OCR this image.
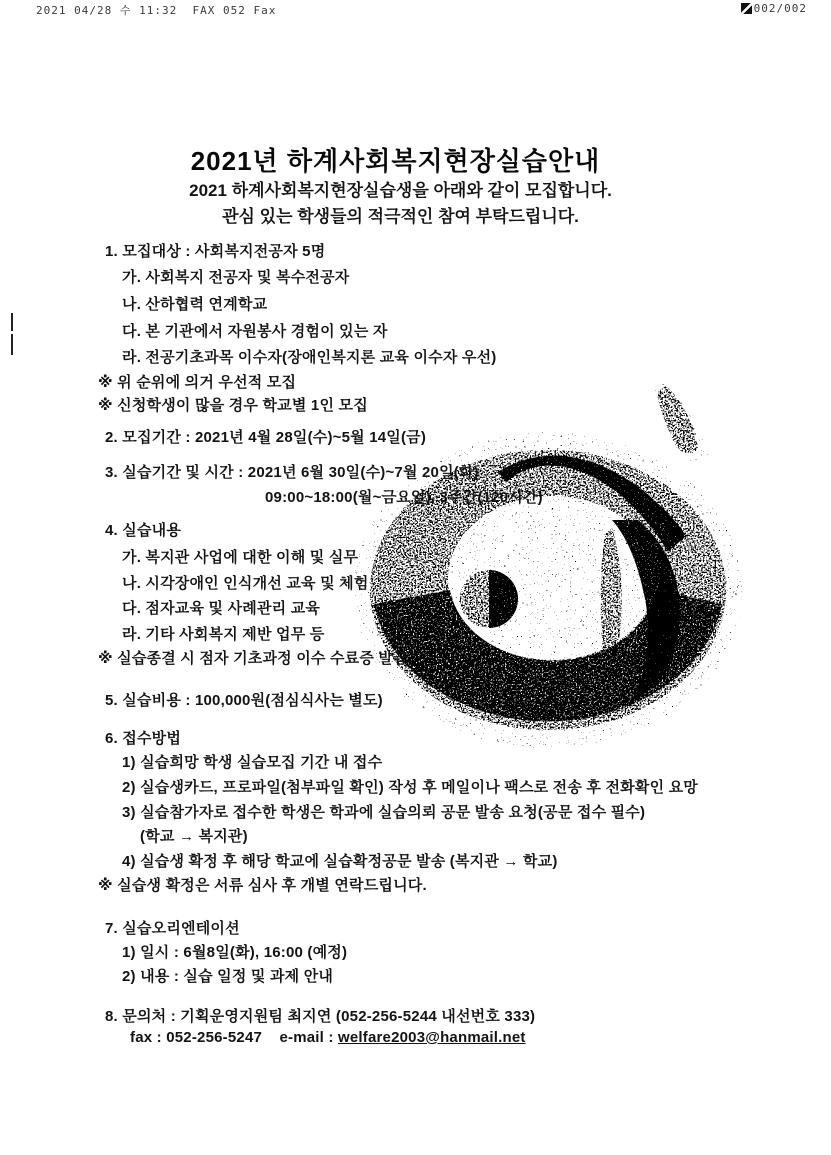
2021 04/28 수 11:32 FAX 052 Fax	002/002
2021년 하계사회복지현장실습안내
2021 하계사회복지현장실습생을 아래와 같이 모집합니다.
관심 있는 학생들의 적극적인 참여 부탁드립니다.
1. 모집대상 : 사회복지전공자 5명
가. 사회복지 전공자 및 복수전공자
나. 산하협력 연계학교
다. 본 기관에서 자원봉사 경험이 있는 자
라. 전공기초과목 이수자(장애인복지론 교육 이수자 우선)
※ 위 순위에 의거 우선적 모집
※ 신청학생이 많을 경우 학교별 1인 모집
2. 모집기간 : 2021년 4월 28일(수)~5월 14일(금)
3. 실습기간 및 시간 : 2021년 6월 30일(수)~7월 20일(화)
09:00~18:00(월~금요일), 3주간(120시간)
4. 실습내용
가. 복지관 사업에 대한 이해 및 실무
나. 시각장애인 인식개선 교육 및 체험
다. 점자교육 및 사례관리 교육
라. 기타 사회복지 제반 업무 등
※ 실습종결 시 점자 기초과정 이수 수료증 발급
5. 실습비용 : 100,000원(점심식사는 별도)
6. 접수방법
1) 실습희망 학생 실습모집 기간 내 접수
2) 실습생카드, 프로파일(첨부파일 확인) 작성 후 메일이나 팩스로 전송 후 전화확인 요망
3) 실습참가자로 접수한 학생은 학과에 실습의뢰 공문 발송 요청(공문 접수 필수)
(학교 → 복지관)
4) 실습생 확정 후 해당 학교에 실습확정공문 발송 (복지관 → 학교)
※ 실습생 확정은 서류 심사 후 개별 연락드립니다.
7. 실습오리엔테이션
1) 일시 : 6월8일(화), 16:00 (예정)
2) 내용 : 실습 일정 및 과제 안내
8. 문의처 : 기획운영지원팀 최지연 (052-256-5244 내선번호 333)
fax : 052-256-5247    e-mail : welfare2003@hanmail.net
